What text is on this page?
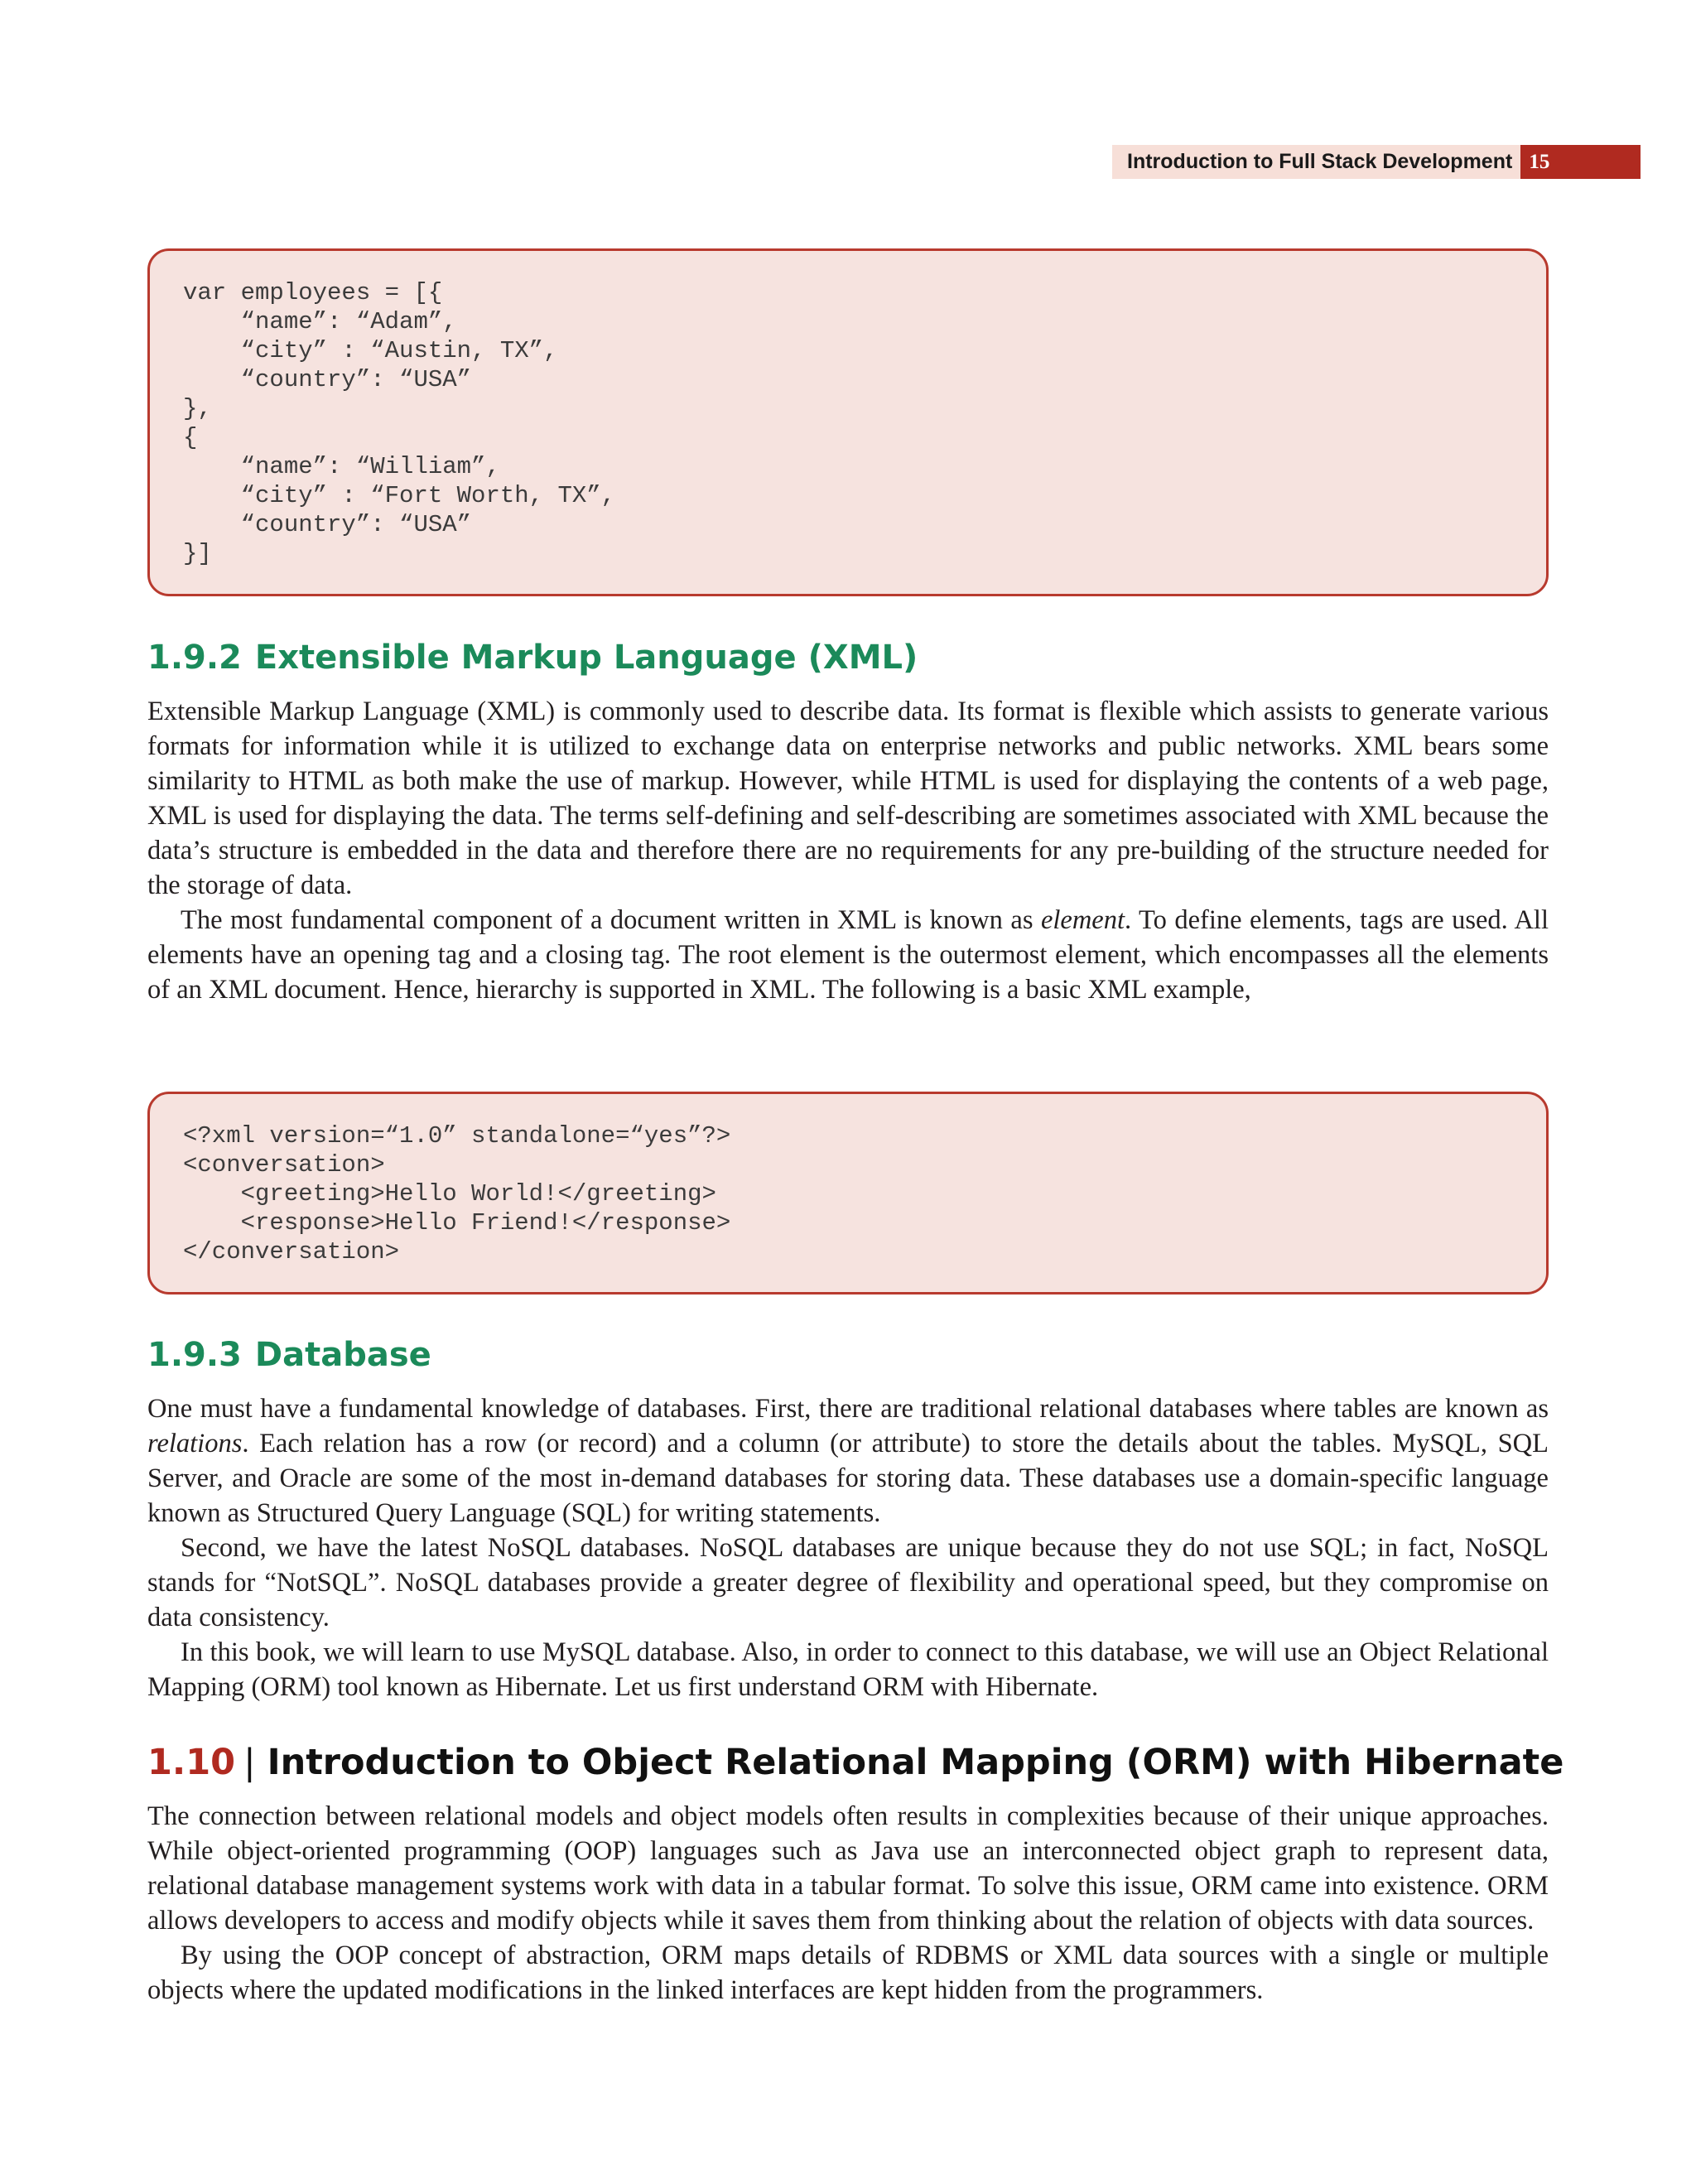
Introduction to Full Stack Development 15
var employees = [{
“name”: “Adam”,
“city” : “Austin, TX”,
“country”: “USA”
},
{
“name”: “William”,
“city” : “Fort Worth, TX”,
“country”: “USA”
}]
1.9.2 Extensible Markup Language (XML)

Extensible Markup Language (XML) is commonly used to describe data. Its format is flexible which assists to generate various formats for information while it is utilized to exchange data on enterprise networks and public networks. XML bears some similarity to HTML as both make the use of markup. However, while HTML is used for displaying the contents of a web page, XML is used for displaying the data. The terms self-defining and self-describing are sometimes associated with XML because the data’s structure is embedded in the data and therefore there are no requirements for any pre-building of the structure needed for the storage of data.

The most fundamental component of a document written in XML is known as element. To define elements, tags are used. All elements have an opening tag and a closing tag. The root element is the outermost element, which encompasses all the elements of an XML document. Hence, hierarchy is supported in XML. The following is a basic XML example,

<?xml version=“1.0” standalone=“yes”?>
<conversation>
<greeting>Hello World!</greeting>
<response>Hello Friend!</response>
</conversation>
1.9.3 Database

One must have a fundamental knowledge of databases. First, there are traditional relational databases where tables are known as relations. Each relation has a row (or record) and a column (or attribute) to store the details about the tables. MySQL, SQL Server, and Oracle are some of the most in-demand databases for storing data. These databases use a domain-specific language known as Structured Query Language (SQL) for writing statements.

Second, we have the latest NoSQL databases. NoSQL databases are unique because they do not use SQL; in fact, NoSQL stands for “NotSQL”. NoSQL databases provide a greater degree of flexibility and operational speed, but they compromise on data consistency.

In this book, we will learn to use MySQL database. Also, in order to connect to this database, we will use an Object Relational Mapping (ORM) tool known as Hibernate. Let us first understand ORM with Hibernate.

1.10 | Introduction to Object Relational Mapping (ORM) with Hibernate

The connection between relational models and object models often results in complexities because of their unique approaches. While object-oriented programming (OOP) languages such as Java use an interconnected object graph to represent data, relational database management systems work with data in a tabular format. To solve this issue, ORM came into existence. ORM allows developers to access and modify objects while it saves them from thinking about the relation of objects with data sources.

By using the OOP concept of abstraction, ORM maps details of RDBMS or XML data sources with a single or multiple objects where the updated modifications in the linked interfaces are kept hidden from the programmers.
